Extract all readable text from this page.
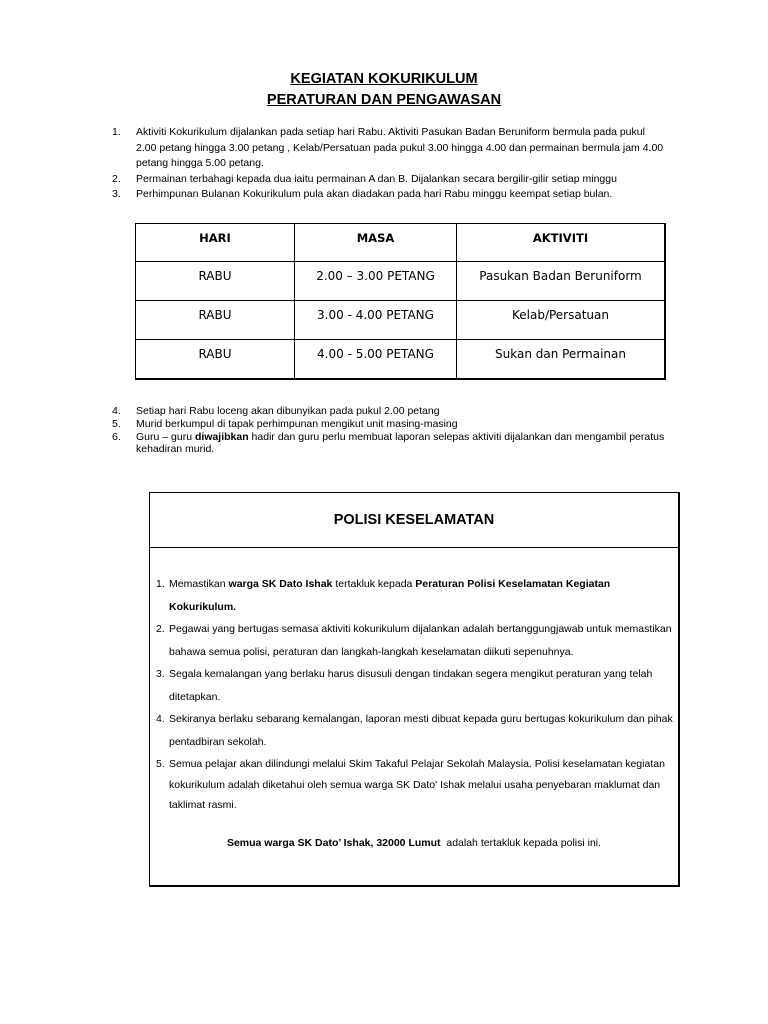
KEGIATAN KOKURIKULUM
PERATURAN DAN PENGAWASAN
1. Aktiviti Kokurikulum dijalankan pada setiap hari Rabu. Aktiviti Pasukan Badan Beruniform bermula pada pukul 2.00 petang hingga 3.00 petang , Kelab/Persatuan pada pukul 3.00 hingga 4.00 dan permainan bermula jam 4.00 petang hingga 5.00 petang.
2. Permainan terbahagi kepada dua iaitu permainan A dan B. Dijalankan secara bergilir-gilir setiap minggu
3. Perhimpunan Bulanan Kokurikulum pula akan diadakan pada hari Rabu minggu keempat setiap bulan.
HARI	MASA	AKTIVITI
RABU	2.00 – 3.00 PETANG	Pasukan Badan Beruniform
RABU	3.00 - 4.00 PETANG	Kelab/Persatuan
RABU	4.00 - 5.00 PETANG	Sukan dan Permainan
4. Setiap hari Rabu loceng akan dibunyikan pada pukul 2.00 petang
5. Murid berkumpul di tapak perhimpunan mengikut unit masing-masing
6. Guru – guru diwajibkan hadir dan guru perlu membuat laporan selepas aktiviti dijalankan dan mengambil peratus kehadiran murid.
POLISI KESELAMATAN
1. Memastikan warga SK Dato Ishak tertakluk kepada Peraturan Polisi Keselamatan Kegiatan Kokurikulum.
2. Pegawai yang bertugas semasa aktiviti kokurikulum dijalankan adalah bertanggungjawab untuk memastikan bahawa semua polisi, peraturan dan langkah-langkah keselamatan diikuti sepenuhnya.
3. Segala kemalangan yang berlaku harus disusuli dengan tindakan segera mengikut peraturan yang telah ditetapkan.
4. Sekiranya berlaku sebarang kemalangan, laporan mesti dibuat kepada guru bertugas kokurikulum dan pihak pentadbiran sekolah.
5. Semua pelajar akan dilindungi melalui Skim Takaful Pelajar Sekolah Malaysia. Polisi keselamatan kegiatan kokurikulum adalah diketahui oleh semua warga SK Dato' Ishak melalui usaha penyebaran maklumat dan taklimat rasmi.
Semua warga SK Dato’ Ishak, 32000 Lumut  adalah tertakluk kepada polisi ini.
